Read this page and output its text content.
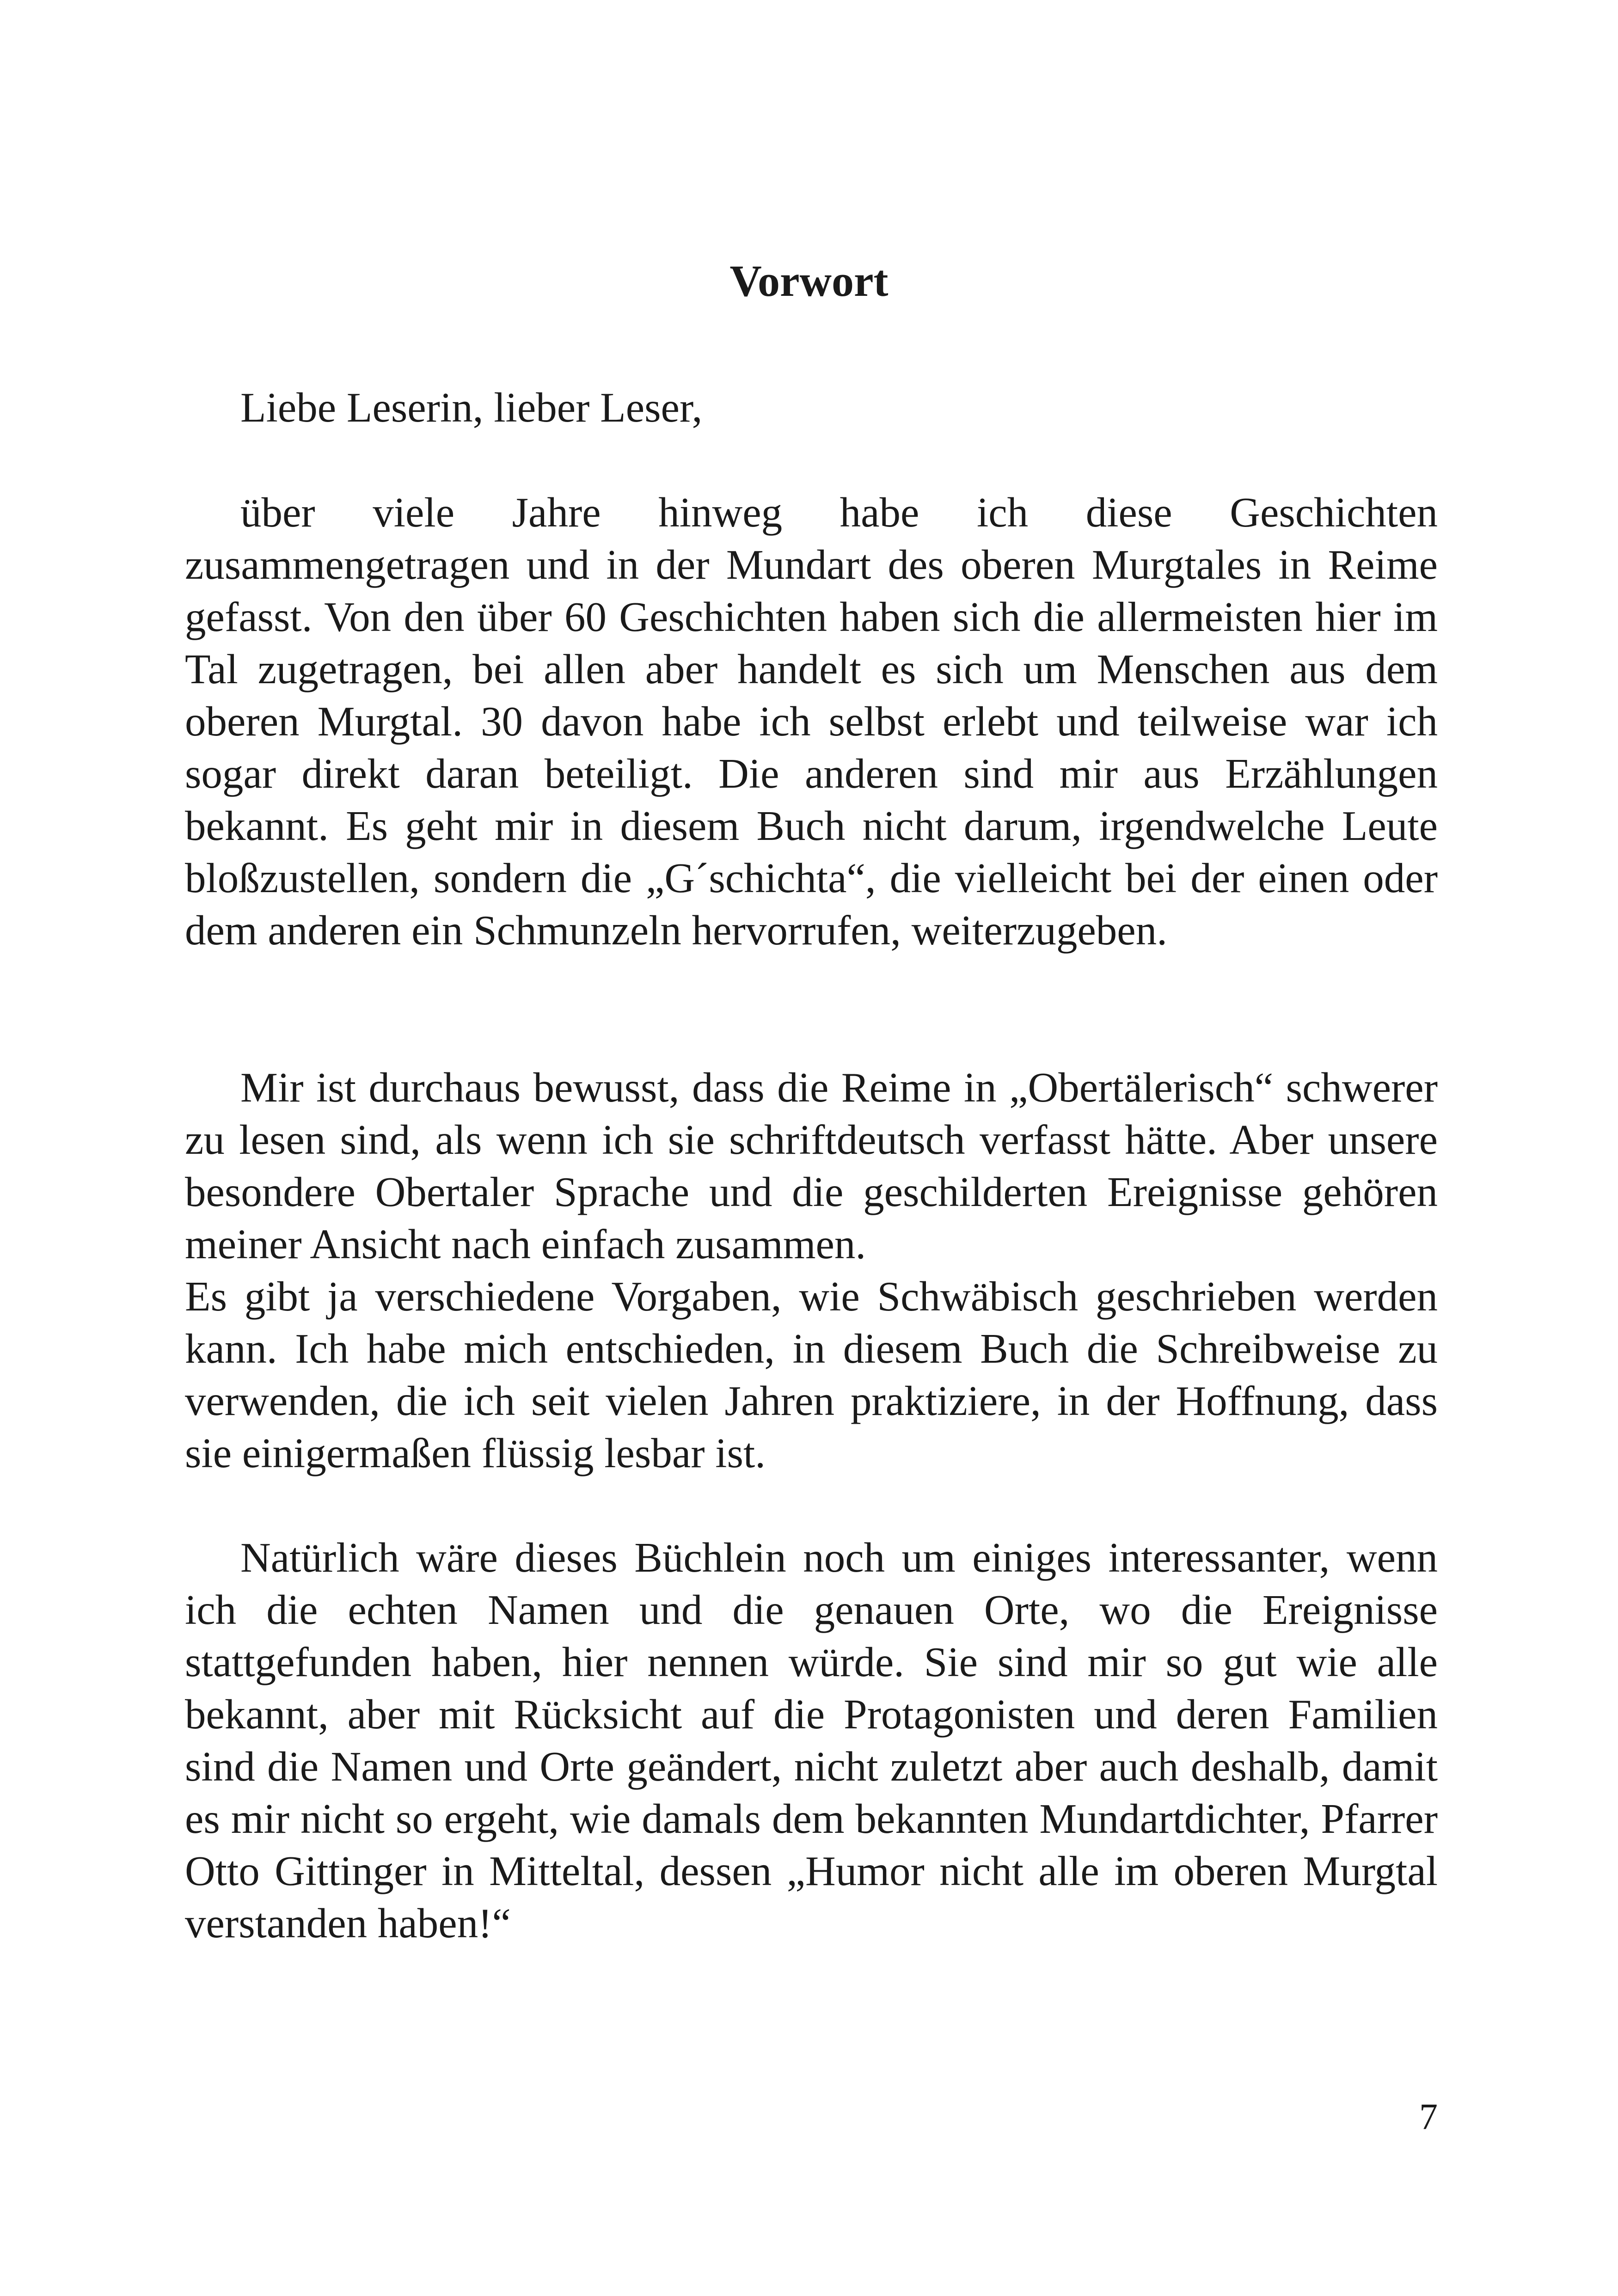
Vorwort

Liebe Leserin, lieber Leser,

über viele Jahre hinweg habe ich diese Geschichten zusammengetragen und in der Mundart des oberen Murgtales in Reime gefasst. Von den über 60 Geschichten haben sich die allermeisten hier im Tal zugetragen, bei allen aber handelt es sich um Menschen aus dem oberen Murgtal. 30 davon habe ich selbst erlebt und teilweise war ich sogar direkt daran beteiligt. Die anderen sind mir aus Erzählungen bekannt. Es geht mir in diesem Buch nicht darum, irgendwelche Leute bloßzustellen, sondern die „G´schichta“, die vielleicht bei der einen oder dem anderen ein Schmunzeln hervorrufen, weiterzugeben.

Mir ist durchaus bewusst, dass die Reime in „Obertälerisch“ schwerer zu lesen sind, als wenn ich sie schriftdeutsch verfasst hätte. Aber unsere besondere Obertaler Sprache und die geschilderten Ereignisse gehören meiner Ansicht nach einfach zusammen.

Es gibt ja verschiedene Vorgaben, wie Schwäbisch geschrieben werden kann. Ich habe mich entschieden, in diesem Buch die Schreibweise zu verwenden, die ich seit vielen Jahren praktiziere, in der Hoffnung, dass sie einigermaßen flüssig lesbar ist.

Natürlich wäre dieses Büchlein noch um einiges interessanter, wenn ich die echten Namen und die genauen Orte, wo die Ereignisse stattgefunden haben, hier nennen würde. Sie sind mir so gut wie alle bekannt, aber mit Rücksicht auf die Protagonisten und deren Familien sind die Namen und Orte geändert, nicht zuletzt aber auch deshalb, damit es mir nicht so ergeht, wie damals dem bekannten Mundartdichter, Pfarrer Otto Gittinger in Mitteltal, dessen „Humor nicht alle im oberen Murgtal verstanden haben!“

7
